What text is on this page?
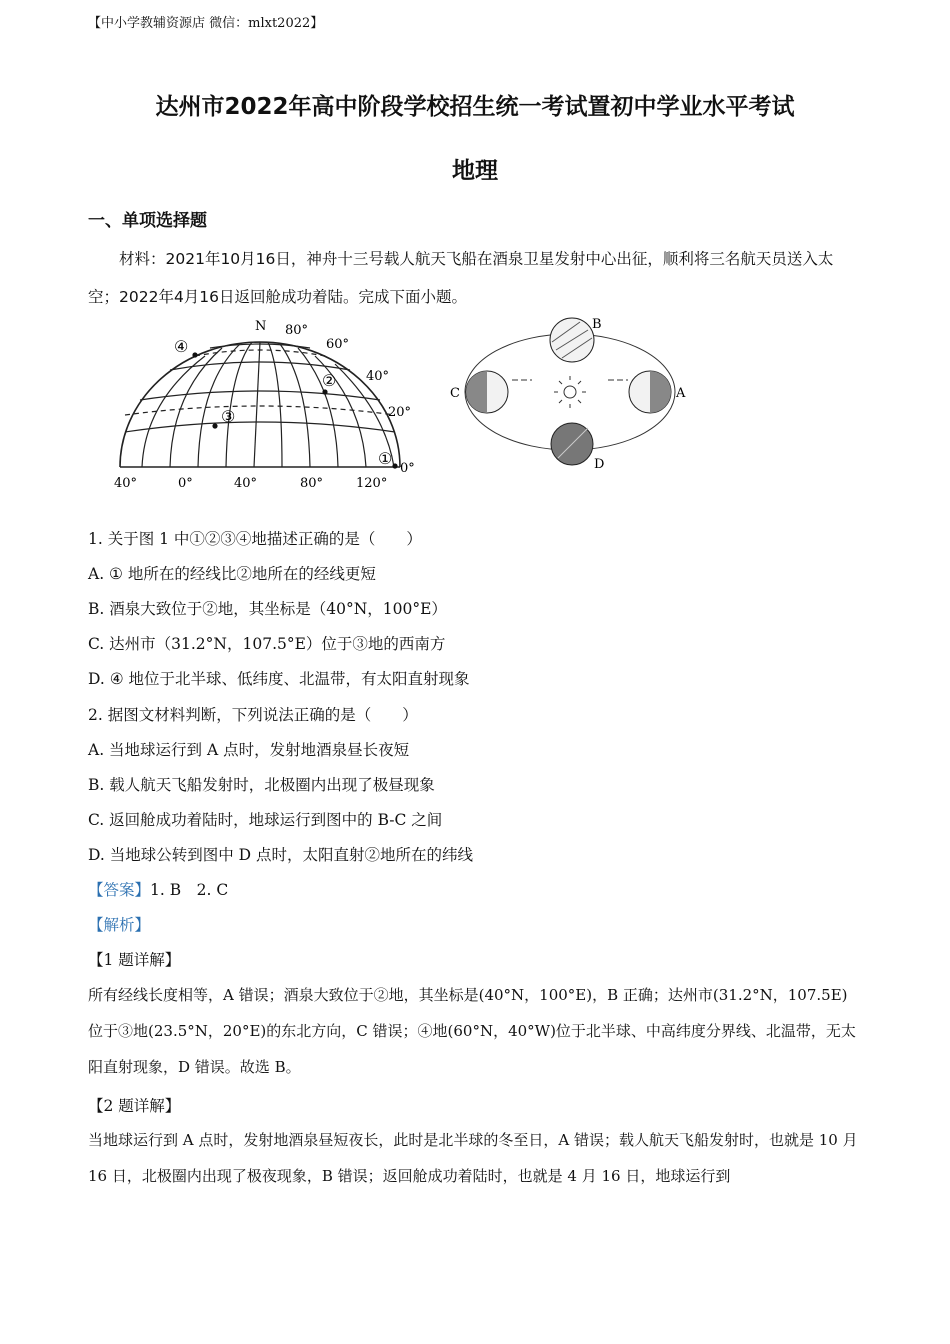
【中小学教辅资源店 微信：mlxt2022】
达州市2022年高中阶段学校招生统一考试置初中学业水平考试
地理
一、单项选择题
材料：2021年10月16日，神舟十三号载人航天飞船在酒泉卫星发射中心出征，顺利将三名航天员送入太空；2022年4月16日返回舱成功着陆。完成下面小题。
N 80°
60°
40°
20°
0°
40°	0°	40°	80°	120°
①
②
③
④
A
B
C
D
1. 关于图 1 中①②③④地描述正确的是（　　）
A. ① 地所在的经线比②地所在的经线更短
B. 酒泉大致位于②地，其坐标是（40°N，100°E）
C. 达州市（31.2°N，107.5°E）位于③地的西南方
D. ④ 地位于北半球、低纬度、北温带，有太阳直射现象
2. 据图文材料判断，下列说法正确的是（　　）
A. 当地球运行到 A 点时，发射地酒泉昼长夜短
B. 载人航天飞船发射时，北极圈内出现了极昼现象
C. 返回舱成功着陆时，地球运行到图中的 B-C 之间
D. 当地球公转到图中 D 点时，太阳直射②地所在的纬线
【答案】1. B　2. C
【解析】
【1 题详解】
所有经线长度相等，A 错误；酒泉大致位于②地，其坐标是(40°N，100°E)，B 正确；达州市(31.2°N，107.5E)位于③地(23.5°N，20°E)的东北方向，C 错误；④地(60°N，40°W)位于北半球、中高纬度分界线、北温带，无太阳直射现象，D 错误。故选 B。
【2 题详解】
当地球运行到 A 点时，发射地酒泉昼短夜长，此时是北半球的冬至日，A 错误；载人航天飞船发射时，也就是 10 月 16 日，北极圈内出现了极夜现象，B 错误；返回舱成功着陆时，也就是 4 月 16 日，地球运行到
